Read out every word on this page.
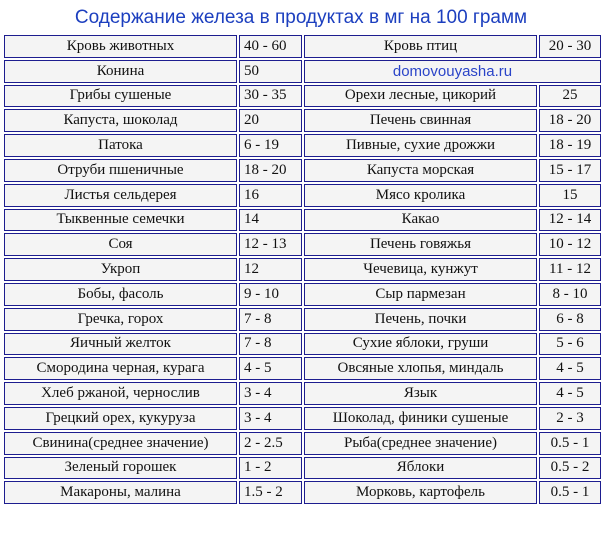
Содержание железа в продуктах в мг на 100 грамм
Кровь животных	40 - 60	Кровь птиц	20 - 30
Конина	50	domovouyasha.ru	
Грибы сушеные	30 - 35	Орехи лесные, цикорий	25
Капуста, шоколад	20	Печень свинная	18 - 20
Патока	6 - 19	Пивные, сухие дрожжи	18 - 19
Отруби пшеничные	18 - 20	Капуста морская	15 - 17
Листья сельдерея	16	Мясо кролика	15
Тыквенные семечки	14	Какао	12 - 14
Соя	12 - 13	Печень говяжья	10 - 12
Укроп	12	Чечевица, кунжут	11 - 12
Бобы, фасоль	9 - 10	Сыр пармезан	8 - 10
Гречка, горох	7 - 8	Печень, почки	6 - 8
Яичный желток	7 - 8	Сухие яблоки, груши	5 - 6
Смородина черная, курага	4 - 5	Овсяные хлопья, миндаль	4 - 5
Хлеб ржаной, чернослив	3 - 4	Язык	4 - 5
Грецкий орех, кукуруза	3 - 4	Шоколад, финики сушеные	2 - 3
Свинина(среднее значение)	2 - 2.5	Рыба(среднее значение)	0.5 - 1
Зеленый горошек	1 - 2	Яблоки	0.5 - 2
Макароны, малина	1.5 - 2	Морковь, картофель	0.5 - 1
